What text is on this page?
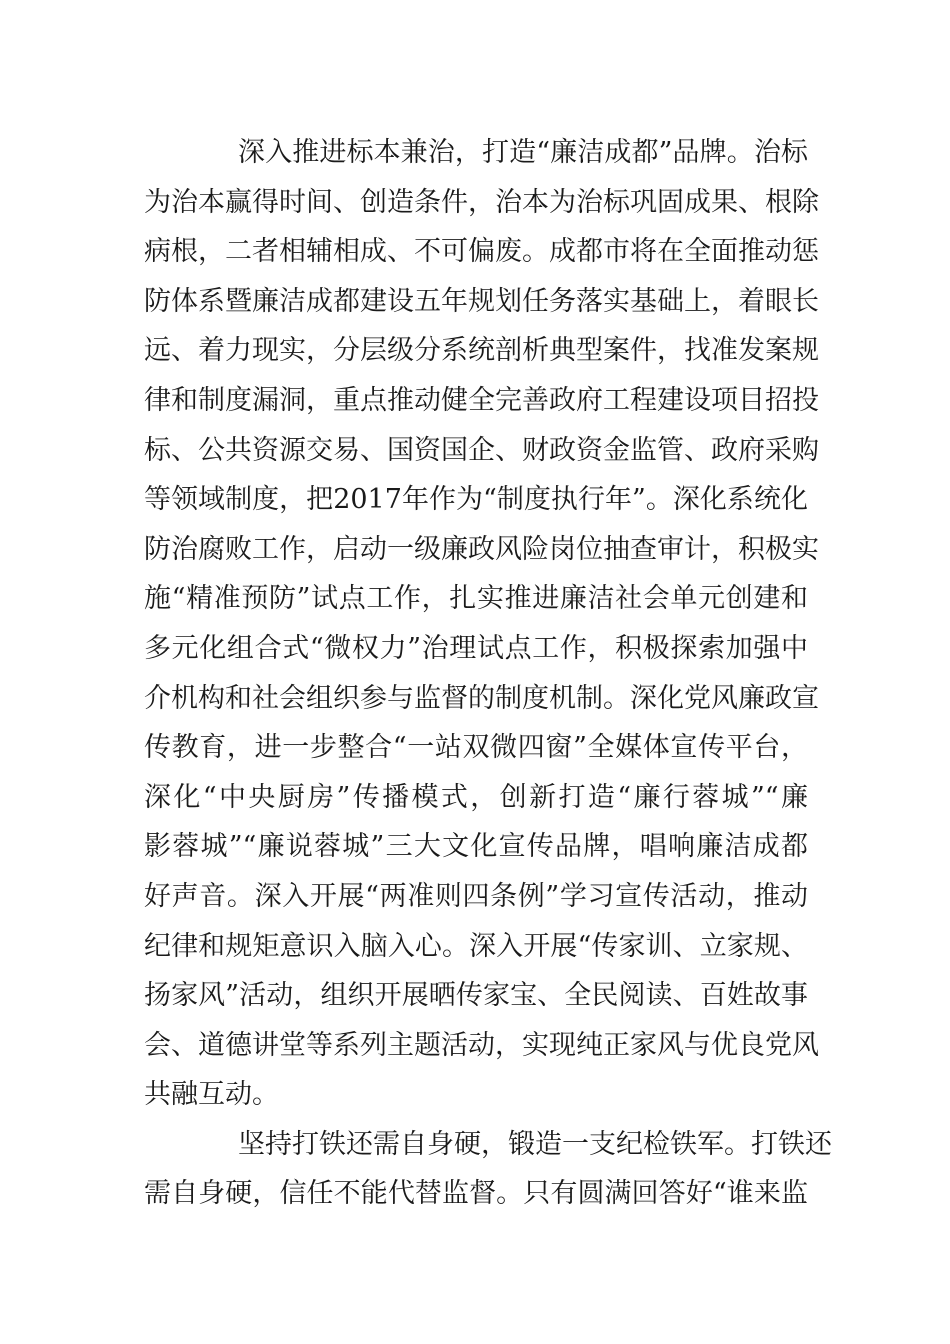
深入推进标本兼治，打造“廉洁成都”品牌。治标
为治本赢得时间、创造条件，治本为治标巩固成果、根除
病根，二者相辅相成、不可偏废。成都市将在全面推动惩
防体系暨廉洁成都建设五年规划任务落实基础上，着眼长
远、着力现实，分层级分系统剖析典型案件，找准发案规
律和制度漏洞，重点推动健全完善政府工程建设项目招投
标、公共资源交易、国资国企、财政资金监管、政府采购
等领域制度，把2017年作为“制度执行年”。深化系统化
防治腐败工作，启动一级廉政风险岗位抽查审计，积极实
施“精准预防”试点工作，扎实推进廉洁社会单元创建和
多元化组合式“微权力”治理试点工作，积极探索加强中
介机构和社会组织参与监督的制度机制。深化党风廉政宣
传教育，进一步整合“一站双微四窗”全媒体宣传平台，
深化“中央厨房”传播模式，创新打造“廉行蓉城”“廉
影蓉城”“廉说蓉城”三大文化宣传品牌，唱响廉洁成都
好声音。深入开展“两准则四条例”学习宣传活动，推动
纪律和规矩意识入脑入心。深入开展“传家训、立家规、
扬家风”活动，组织开展晒传家宝、全民阅读、百姓故事
会、道德讲堂等系列主题活动，实现纯正家风与优良党风
共融互动。
坚持打铁还需自身硬，锻造一支纪检铁军。打铁还
需自身硬，信任不能代替监督。只有圆满回答好“谁来监
